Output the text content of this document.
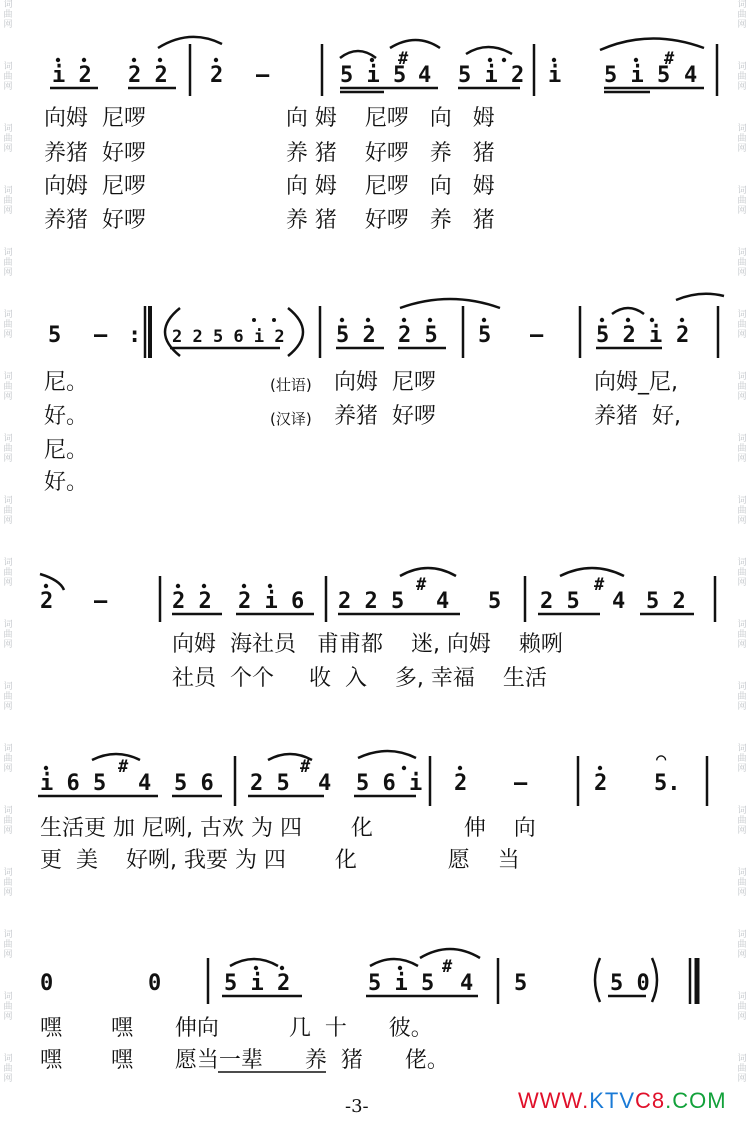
词
曲
网
词
曲
网
词
曲
网
词
曲
网
词
曲
网
词
曲
网
词
曲
网
词
曲
网
词
曲
网
词
曲
网
词
曲
网
词
曲
网
词
曲
网
词
曲
网
词
曲
网
词
曲
网
词
曲
网
词
曲
网
词
曲
网
词
曲
网
词
曲
网
词
曲
网
词
曲
网
词
曲
网
词
曲
网
词
曲
网
词
曲
网
词
曲
网
词
曲
网
词
曲
网
词
曲
网
词
曲
网
词
曲
网
词
曲
网
词
曲
网
词
曲
网
i 2 2 2 2 –	5 i 5
#
4 5 i 2 i 5 i 5
#
4
5 – : 2 2 5 6 i 2 5 2 2 5 5 – 5 2 i 2
2 –	2 2 2 i 6 2 2 5
#
4 5 2 5
#
4 5 2
i 6 5
#
4 5 6 2 5
#
4 5 6 i 2 –	2 5.
⌒
0	0	5 i 2	5 i 5
#
4 5	5 0
向姆  尼啰                    向 姆    尼啰   向   姆
养猪  好啰                    养 猪    好啰   养   猪
向姆  尼啰                    向 姆    尼啰   向   姆
养猪  好啰                    养 猪    好啰   养   猪
尼。
好。
尼。
好。
(壮语)
(汉译)
向姆  尼啰
养猪  好啰
向姆_尼,
养猪  好,
向姆  海社员   甫甫都    迷, 向姆    赖咧
社员  个个     收  入    多, 幸福    生活
生活更 加 尼咧, 古欢 为 四       化             伸    向
更  美    好咧, 我要 为 四       化             愿    当
嘿       嘿      伸向          几  十      彼。
嘿       嘿      愿当一辈      养  猪      佬。
-3-	WWW.KTVC8.COM
